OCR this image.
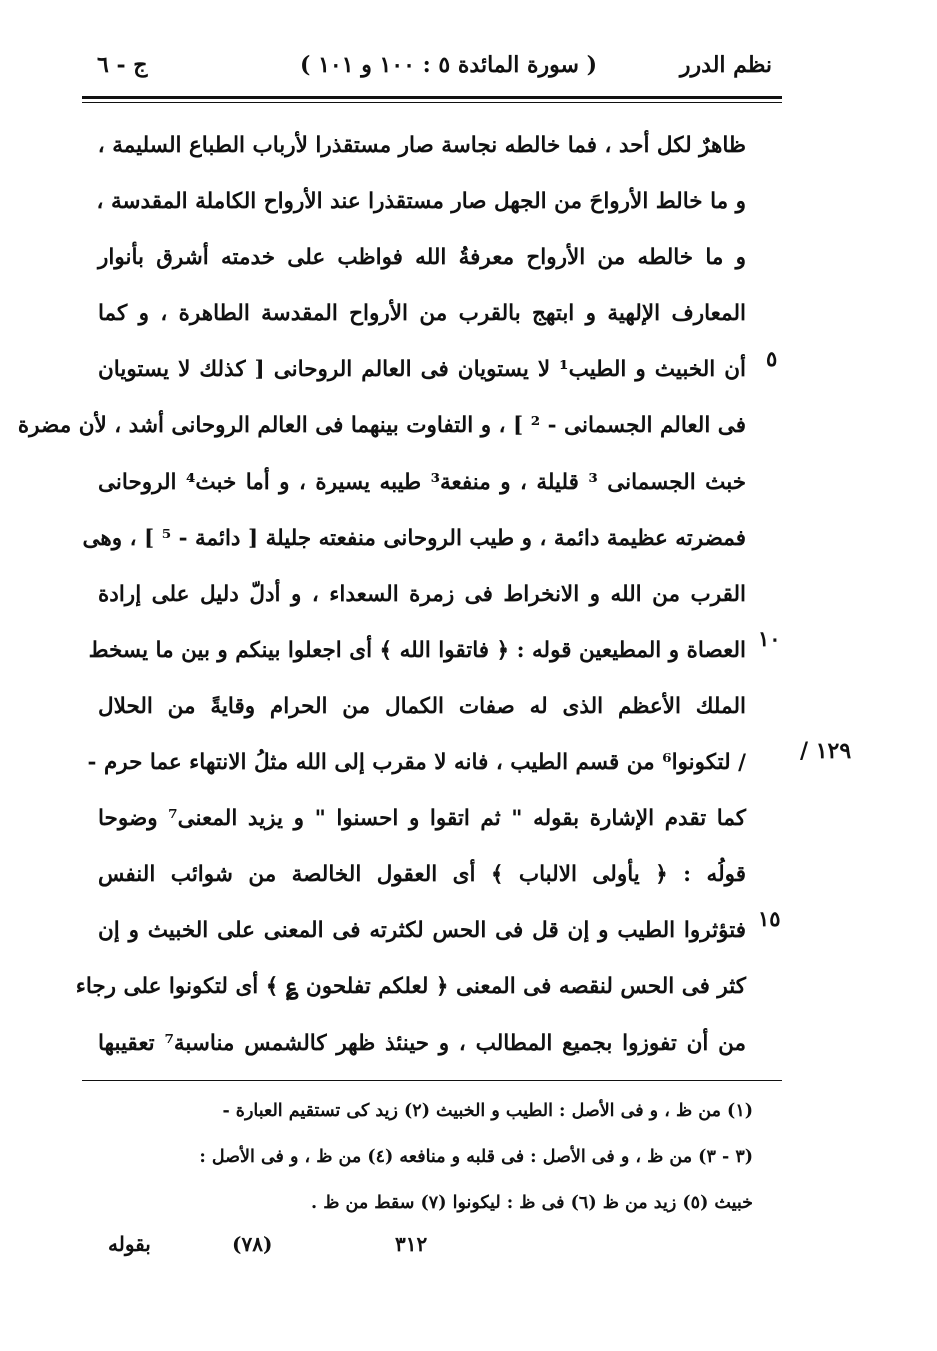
نظم الدرر
( سورة المائدة ٥ : ١٠٠ و ١٠١ )
ج - ٦
ظاهرٌ لكل أحد ، فما خالطه نجاسة صار مستقذرا لأرباب الطباع السليمة ،
و ما خالط الأرواحَ من الجهل صار مستقذرا عند الأرواح الكاملة المقدسة ،
و ما خالطه من الأرواح معرفةُ الله فواظب على خدمته أشرق بأنوار
المعارف الإلهية و ابتهج بالقرب من الأرواح المقدسة الطاهرة ، و كما
أن الخبيث و الطيب¹ لا يستويان فى العالم الروحانى [ كذلك لا يستويان
فى العالم الجسمانى - ² ] ، و التفاوت بينهما فى العالم الروحانى أشد ، لأن مضرة
خبث الجسمانى ³ قليلة ، و منفعة³ طيبه يسيرة ، و أما خبث⁴ الروحانى
فمضرته عظيمة دائمة ، و طيب الروحانى منفعته جليلة [ دائمة - ⁵ ] ، وهى
القرب من الله و الانخراط فى زمرة السعداء ، و أدلّ دليل على إرادة
العصاة و المطيعين قوله : ﴿ فاتقوا الله ﴾ أى اجعلوا بينكم و بين ما يسخط
الملك الأعظم الذى له صفات الكمال من الحرام وقايةً من الحلال
/ لتكونوا⁶ من قسم الطيب ، فانه لا مقرب إلى الله مثلُ الانتهاء عما حرم -
كما تقدم الإشارة بقوله " ثم اتقوا و احسنوا " و يزيد المعنى⁷ وضوحا
قولُه : ﴿ يأولى الالباب ﴾ أى العقول الخالصة من شوائب النفس
فتؤثروا الطيب و إن قل فى الحس لكثرته فى المعنى على الخبيث و إن
كثر فى الحس لنقصه فى المعنى ﴿ لعلكم تفلحون ؏ ﴾ أى لتكونوا على رجاء
من أن تفوزوا بجميع المطالب ، و حينئذ ظهر كالشمس مناسبة⁷ تعقيبها
٥
١٠
١٥
١٢٩ /
(١) من ظ ، و فى الأصل : الطيب و الخبيث (٢) زيد كى تستقيم العبارة -
(٣ - ٣) من ظ ، و فى الأصل : فى قلبه و منافعه (٤) من ظ ، و فى الأصل :
خبيث (٥) زيد من ظ (٦) فى ظ : ليكونوا (٧) سقط من ظ .
٣١٢
(٧٨)
بقوله
